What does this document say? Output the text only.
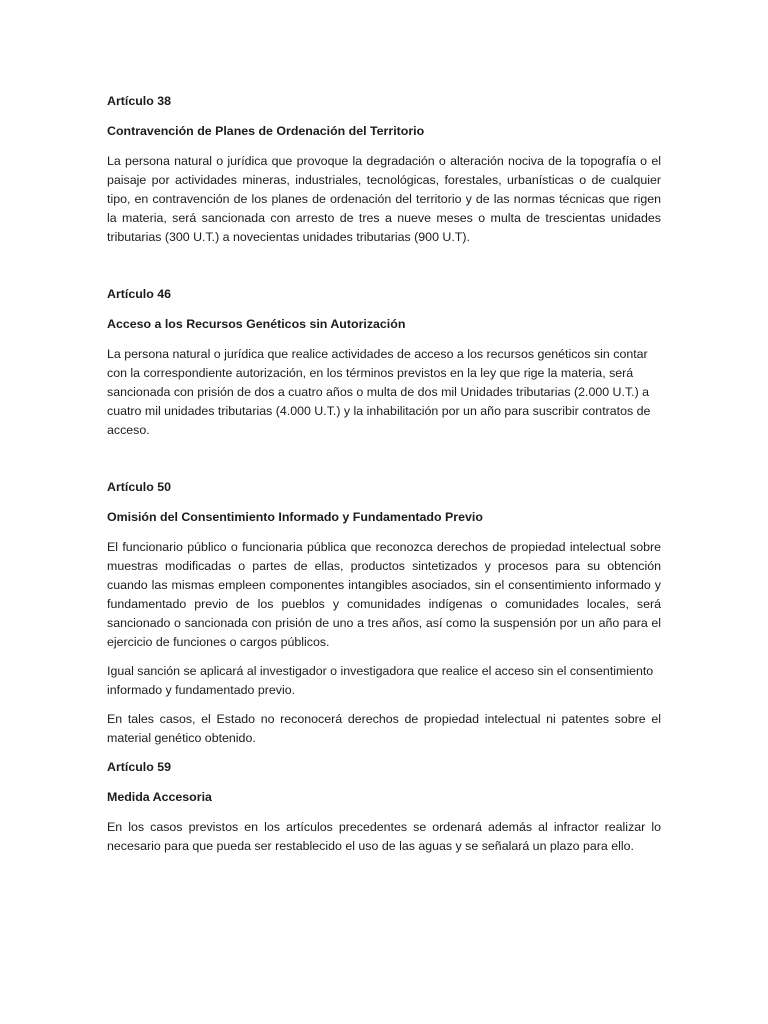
Artículo 38

Contravención de Planes de Ordenación del Territorio

La persona natural o jurídica que provoque la degradación o alteración nociva de la topografía o el paisaje por actividades mineras, industriales, tecnológicas, forestales, urbanísticas o de cualquier tipo, en contravención de los planes de ordenación del territorio y de las normas técnicas que rigen la materia, será sancionada con arresto de tres a nueve meses o multa de trescientas unidades tributarias (300 U.T.) a novecientas unidades tributarias (900 U.T).

Artículo 46

Acceso a los Recursos Genéticos sin Autorización

La persona natural o jurídica que realice actividades de acceso a los recursos genéticos sin contar con la correspondiente autorización, en los términos previstos en la ley que rige la materia, será sancionada con prisión de dos a cuatro años o multa de dos mil Unidades tributarias (2.000 U.T.) a cuatro mil unidades tributarias (4.000 U.T.) y la inhabilitación por un año para suscribir contratos de acceso.

Artículo 50

Omisión del Consentimiento Informado y Fundamentado Previo

El funcionario público o funcionaria pública que reconozca derechos de propiedad intelectual sobre muestras modificadas o partes de ellas, productos sintetizados y procesos para su obtención cuando las mismas empleen componentes intangibles asociados, sin el consentimiento informado y fundamentado previo de los pueblos y comunidades indígenas o comunidades locales, será sancionado o sancionada con prisión de uno a tres años, así como la suspensión por un año para el ejercicio de funciones o cargos públicos.

Igual sanción se aplicará al investigador o investigadora que realice el acceso sin el consentimiento informado y fundamentado previo.

En tales casos, el Estado no reconocerá derechos de propiedad intelectual ni patentes sobre el material genético obtenido.

Artículo 59

Medida Accesoria

En los casos previstos en los artículos precedentes se ordenará además al infractor realizar lo necesario para que pueda ser restablecido el uso de las aguas y se señalará un plazo para ello.
